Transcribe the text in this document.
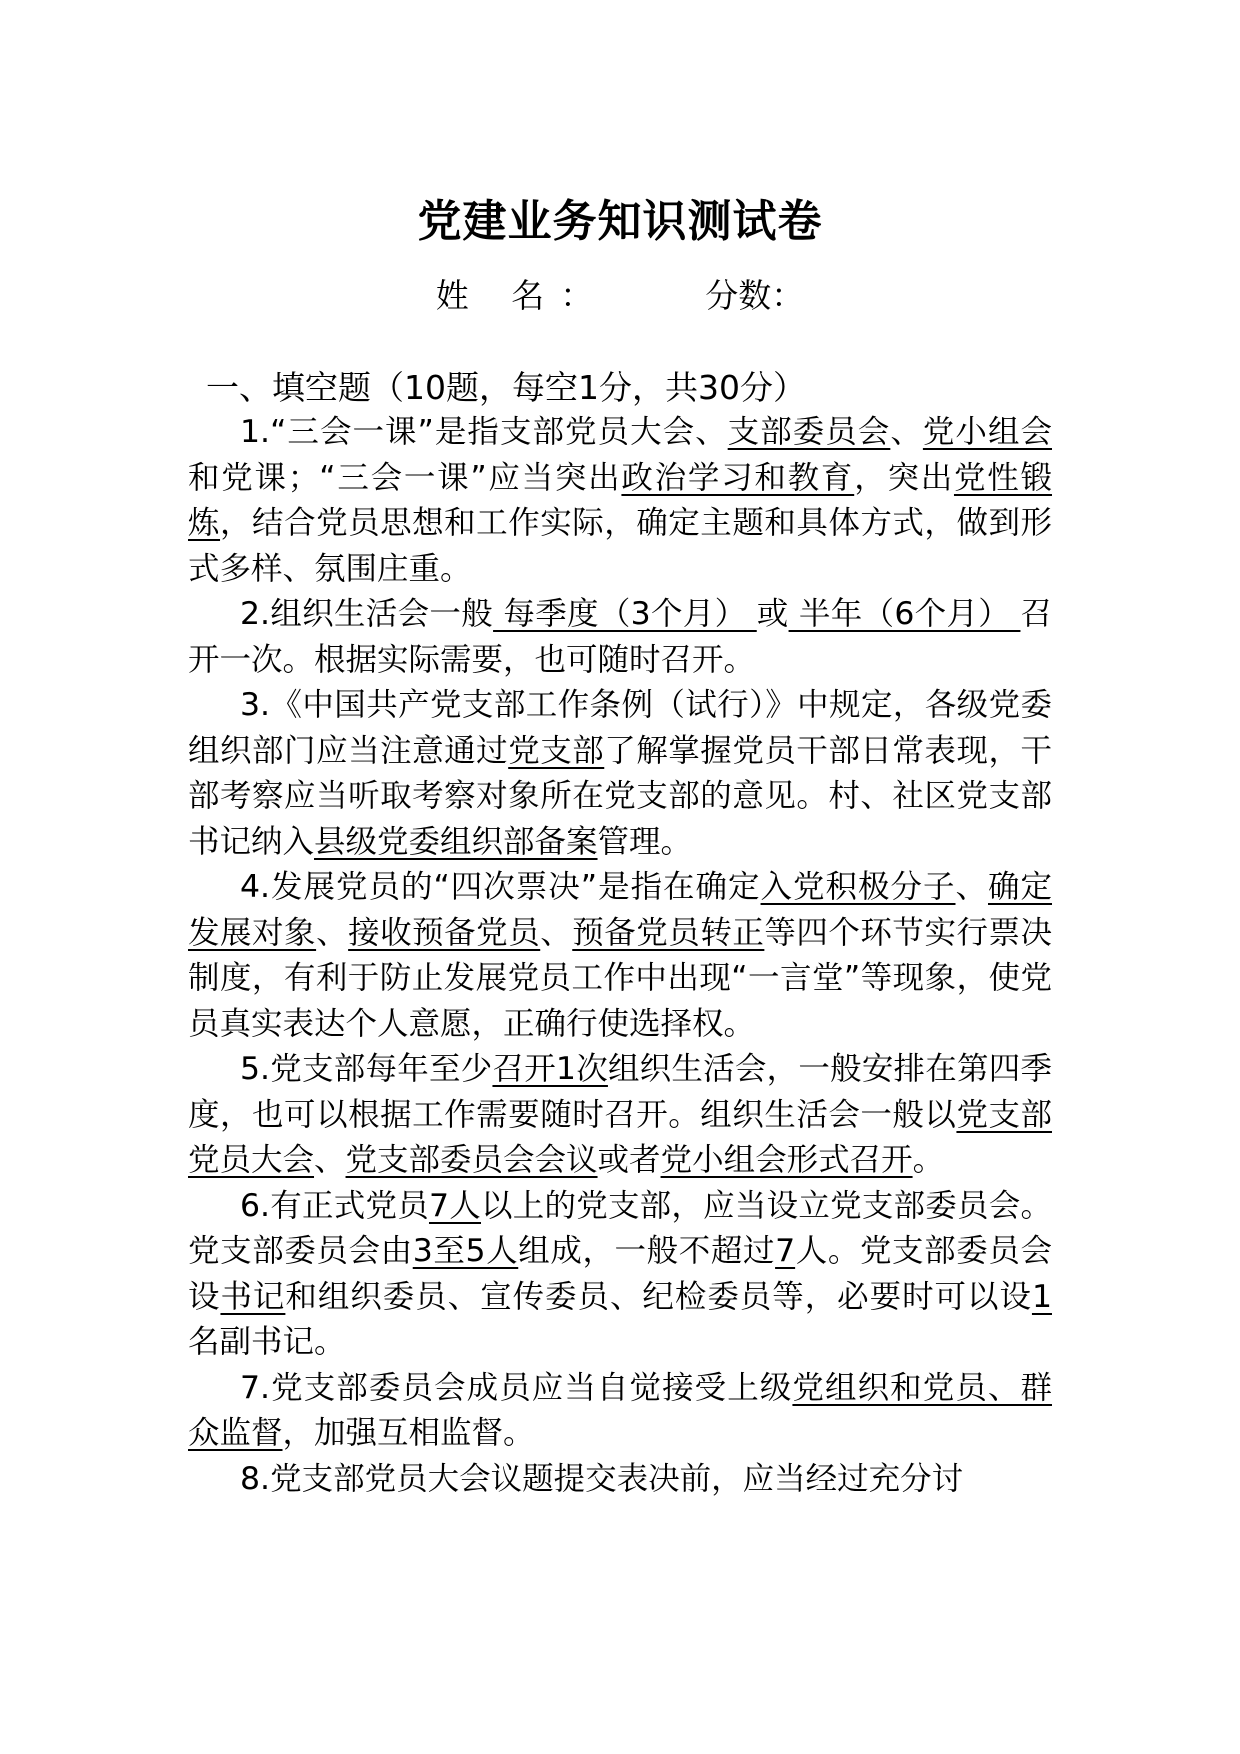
党建业务知识测试卷
姓 名：	分数：
一、填空题（10题，每空1分，共30分）

1.“三会一课”是指支部党员大会、支部委员会、党小组会和党课；“三会一课”应当突出政治学习和教育，突出党性锻炼，结合党员思想和工作实际，确定主题和具体方式，做到形式多样、氛围庄重。

2.组织生活会一般 每季度（3个月） 或 半年（6个月） 召开一次。根据实际需要，也可随时召开。

3.《中国共产党支部工作条例（试行）》中规定，各级党委组织部门应当注意通过党支部了解掌握党员干部日常表现，干部考察应当听取考察对象所在党支部的意见。村、社区党支部书记纳入县级党委组织部备案管理。

4.发展党员的“四次票决”是指在确定入党积极分子、确定发展对象、接收预备党员、预备党员转正等四个环节实行票决制度，有利于防止发展党员工作中出现“一言堂”等现象，使党员真实表达个人意愿，正确行使选择权。

5.党支部每年至少召开1次组织生活会，一般安排在第四季度，也可以根据工作需要随时召开。组织生活会一般以党支部党员大会、党支部委员会会议或者党小组会形式召开。

6.有正式党员7人以上的党支部，应当设立党支部委员会。党支部委员会由3至5人组成，一般不超过7人。党支部委员会设书记和组织委员、宣传委员、纪检委员等，必要时可以设1名副书记。

7.党支部委员会成员应当自觉接受上级党组织和党员、群众监督，加强互相监督。

8.党支部党员大会议题提交表决前，应当经过充分讨
